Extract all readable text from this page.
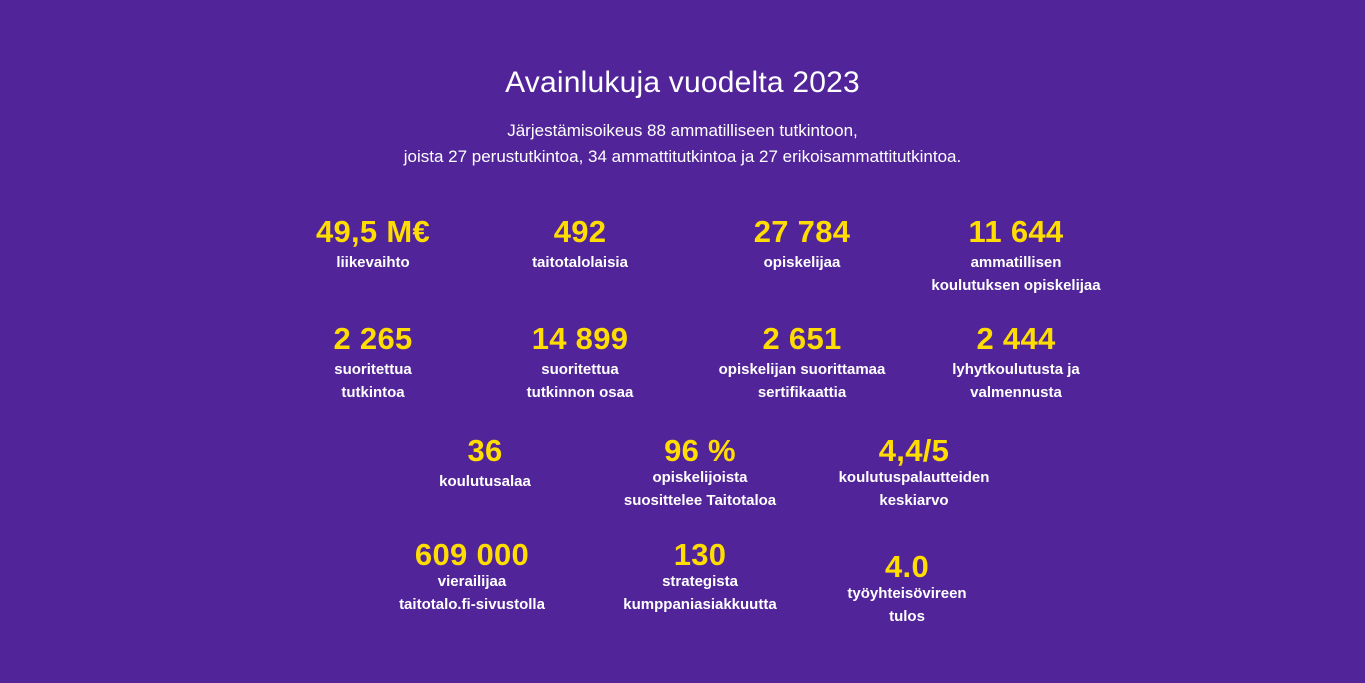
Avainlukuja vuodelta 2023
Järjestämisoikeus 88 ammatilliseen tutkintoon,
joista 27 perustutkintoa, 34 ammattitutkintoa ja 27 erikoisammattitutkintoa.
49,5 M€
liikevaihto
492
taitotalolaisia
27 784
opiskelijaa
11 644
ammatillisen
koulutuksen opiskelijaa
2 265
suoritettua
tutkintoa
14 899
suoritettua
tutkinnon osaa
2 651
opiskelijan suorittamaa
sertifikaattia
2 444
lyhytkoulutusta ja
valmennusta
36
koulutusalaa
96 %
opiskelijoista
suosittelee Taitotaloa
4,4/5
koulutuspalautteiden
keskiarvo
609 000
vierailijaa
taitotalo.fi-sivustolla
130
strategista
kumppaniasiakkuutta
4.0
työyhteisövireen
tulos
